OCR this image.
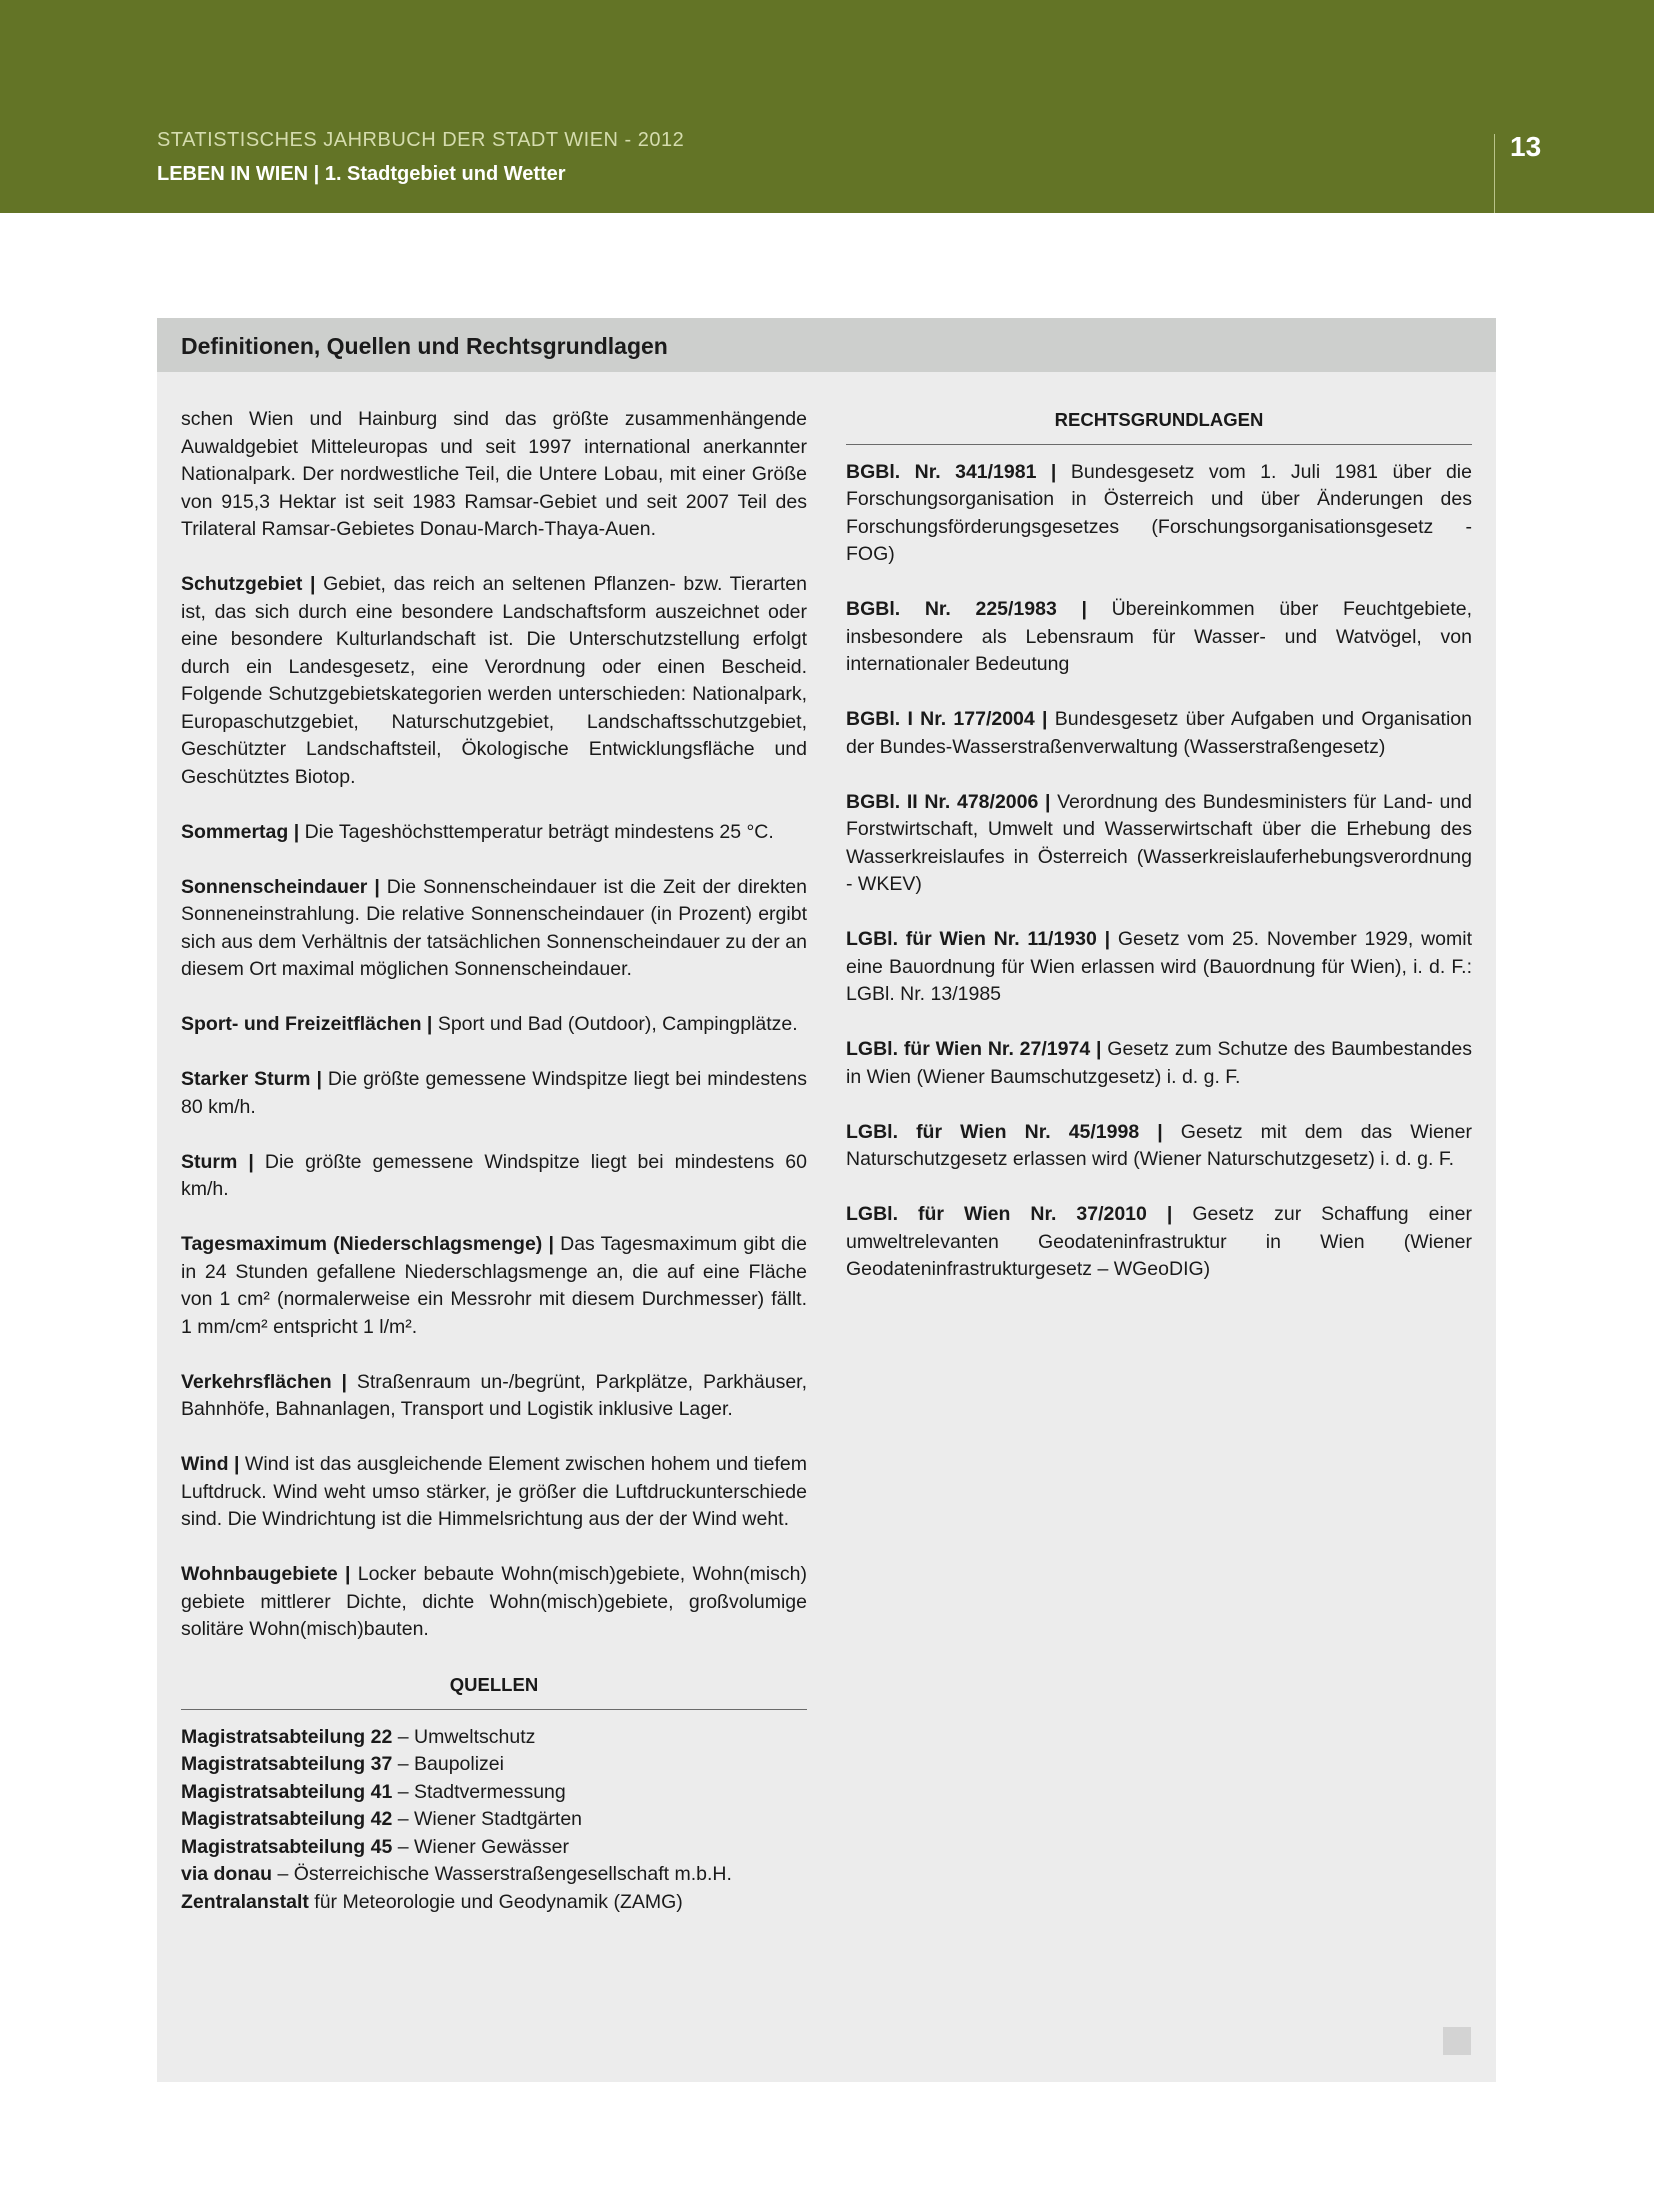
STATISTISCHES JAHRBUCH DER STADT WIEN - 2012
LEBEN IN WIEN | 1. Stadtgebiet und Wetter
13
Definitionen, Quellen und Rechtsgrundlagen

schen Wien und Hainburg sind das größte zusammenhängende Auwaldgebiet Mitteleuropas und seit 1997 international anerkannter Nationalpark. Der nordwestliche Teil, die Untere Lobau, mit einer Größe von 915,3 Hektar ist seit 1983 Ramsar-Gebiet und seit 2007 Teil des Trilateral Ramsar-Gebietes Donau-March-Thaya-Auen.

Schutzgebiet | Gebiet, das reich an seltenen Pflanzen- bzw. Tierarten ist, das sich durch eine besondere Landschaftsform auszeichnet oder eine besondere Kulturlandschaft ist. Die Unterschutzstellung erfolgt durch ein Landesgesetz, eine Verordnung oder einen Bescheid. Folgende Schutzgebietskategorien werden unterschieden: Nationalpark, Europaschutzgebiet, Naturschutzgebiet, Landschaftsschutzgebiet, Geschützter Landschaftsteil, Ökologische Entwicklungsfläche und Geschütztes Biotop.

Sommertag | Die Tageshöchsttemperatur beträgt mindestens 25 °C.

Sonnenscheindauer | Die Sonnenscheindauer ist die Zeit der direkten Sonneneinstrahlung. Die relative Sonnenscheindauer (in Prozent) ergibt sich aus dem Verhältnis der tatsächlichen Sonnenscheindauer zu der an diesem Ort maximal möglichen Sonnenscheindauer.

Sport- und Freizeitflächen | Sport und Bad (Outdoor), Campingplätze.

Starker Sturm | Die größte gemessene Windspitze liegt bei mindestens 80 km/h.

Sturm | Die größte gemessene Windspitze liegt bei mindestens 60 km/h.

Tagesmaximum (Niederschlagsmenge) | Das Tagesmaximum gibt die in 24 Stunden gefallene Niederschlagsmenge an, die auf eine Fläche von 1 cm² (normalerweise ein Messrohr mit diesem Durchmesser) fällt. 1 mm/cm² entspricht 1 l/m².

Verkehrsflächen | Straßenraum un-/begrünt, Parkplätze, Parkhäuser, Bahnhöfe, Bahnanlagen, Transport und Logistik inklusive Lager.

Wind | Wind ist das ausgleichende Element zwischen hohem und tiefem Luftdruck. Wind weht umso stärker, je größer die Luftdruckunterschiede sind. Die Windrichtung ist die Himmelsrichtung aus der der Wind weht.

Wohnbaugebiete | Locker bebaute Wohn(misch)gebiete, Wohn(misch) gebiete mittlerer Dichte, dichte Wohn(misch)gebiete, großvolumige solitäre Wohn(misch)bauten.

QUELLEN
Magistratsabteilung 22 – Umweltschutz
Magistratsabteilung 37 – Baupolizei
Magistratsabteilung 41 – Stadtvermessung
Magistratsabteilung 42 – Wiener Stadtgärten
Magistratsabteilung 45 – Wiener Gewässer
via donau – Österreichische Wasserstraßengesellschaft m.b.H.
Zentralanstalt für Meteorologie und Geodynamik (ZAMG)
RECHTSGRUNDLAGEN

BGBl. Nr. 341/1981 | Bundesgesetz vom 1. Juli 1981 über die Forschungsorganisation in Österreich und über Änderungen des Forschungsförderungsgesetzes (Forschungsorganisationsgesetz - FOG)

BGBl. Nr. 225/1983 | Übereinkommen über Feuchtgebiete, insbesondere als Lebensraum für Wasser- und Watvögel, von internationaler Bedeutung

BGBl. I Nr. 177/2004 | Bundesgesetz über Aufgaben und Organisation der Bundes-Wasserstraßenverwaltung (Wasserstraßengesetz)

BGBl. II Nr. 478/2006 | Verordnung des Bundesministers für Land- und Forstwirtschaft, Umwelt und Wasserwirtschaft über die Erhebung des Wasserkreislaufes in Österreich (Wasserkreislauferhebungsverordnung - WKEV)

LGBl. für Wien Nr. 11/1930 | Gesetz vom 25. November 1929, womit eine Bauordnung für Wien erlassen wird (Bauordnung für Wien), i. d. F.: LGBl. Nr. 13/1985

LGBl. für Wien Nr. 27/1974 | Gesetz zum Schutze des Baumbestandes in Wien (Wiener Baumschutzgesetz) i. d. g. F.

LGBl. für Wien Nr. 45/1998 | Gesetz mit dem das Wiener Naturschutzgesetz erlassen wird (Wiener Naturschutzgesetz) i. d. g. F.

LGBl. für Wien Nr. 37/2010 | Gesetz zur Schaffung einer umweltrelevanten Geodateninfrastruktur in Wien (Wiener Geodateninfrastrukturgesetz – WGeoDIG)
